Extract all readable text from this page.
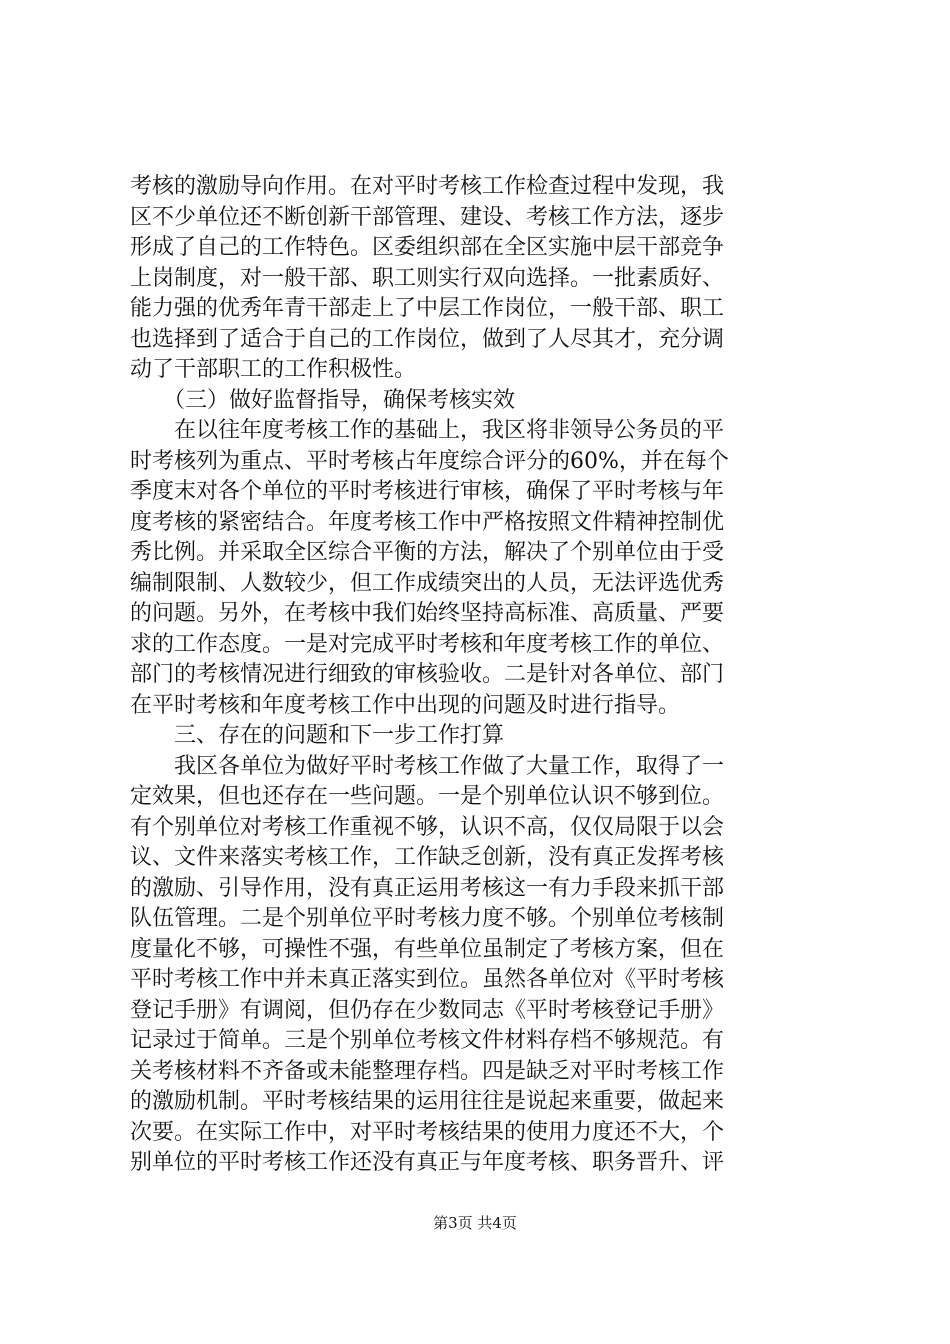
考核的激励导向作用。在对平时考核工作检查过程中发现，我
区不少单位还不断创新干部管理、建设、考核工作方法，逐步
形成了自己的工作特色。区委组织部在全区实施中层干部竞争
上岗制度，对一般干部、职工则实行双向选择。一批素质好、
能力强的优秀年青干部走上了中层工作岗位，一般干部、职工
也选择到了适合于自己的工作岗位，做到了人尽其才，充分调
动了干部职工的工作积极性。
　　（三）做好监督指导，确保考核实效
　　在以往年度考核工作的基础上，我区将非领导公务员的平
时考核列为重点、平时考核占年度综合评分的60%，并在每个
季度末对各个单位的平时考核进行审核，确保了平时考核与年
度考核的紧密结合。年度考核工作中严格按照文件精神控制优
秀比例。并采取全区综合平衡的方法，解决了个别单位由于受
编制限制、人数较少，但工作成绩突出的人员，无法评选优秀
的问题。另外，在考核中我们始终坚持高标准、高质量、严要
求的工作态度。一是对完成平时考核和年度考核工作的单位、
部门的考核情况进行细致的审核验收。二是针对各单位、部门
在平时考核和年度考核工作中出现的问题及时进行指导。
　　三、存在的问题和下一步工作打算
　　我区各单位为做好平时考核工作做了大量工作，取得了一
定效果，但也还存在一些问题。一是个别单位认识不够到位。
有个别单位对考核工作重视不够，认识不高，仅仅局限于以会
议、文件来落实考核工作，工作缺乏创新，没有真正发挥考核
的激励、引导作用，没有真正运用考核这一有力手段来抓干部
队伍管理。二是个别单位平时考核力度不够。个别单位考核制
度量化不够，可操性不强，有些单位虽制定了考核方案，但在
平时考核工作中并未真正落实到位。虽然各单位对《平时考核
登记手册》有调阅，但仍存在少数同志《平时考核登记手册》
记录过于简单。三是个别单位考核文件材料存档不够规范。有
关考核材料不齐备或未能整理存档。四是缺乏对平时考核工作
的激励机制。平时考核结果的运用往往是说起来重要，做起来
次要。在实际工作中，对平时考核结果的使用力度还不大，个
别单位的平时考核工作还没有真正与年度考核、职务晋升、评
第3页 共4页
